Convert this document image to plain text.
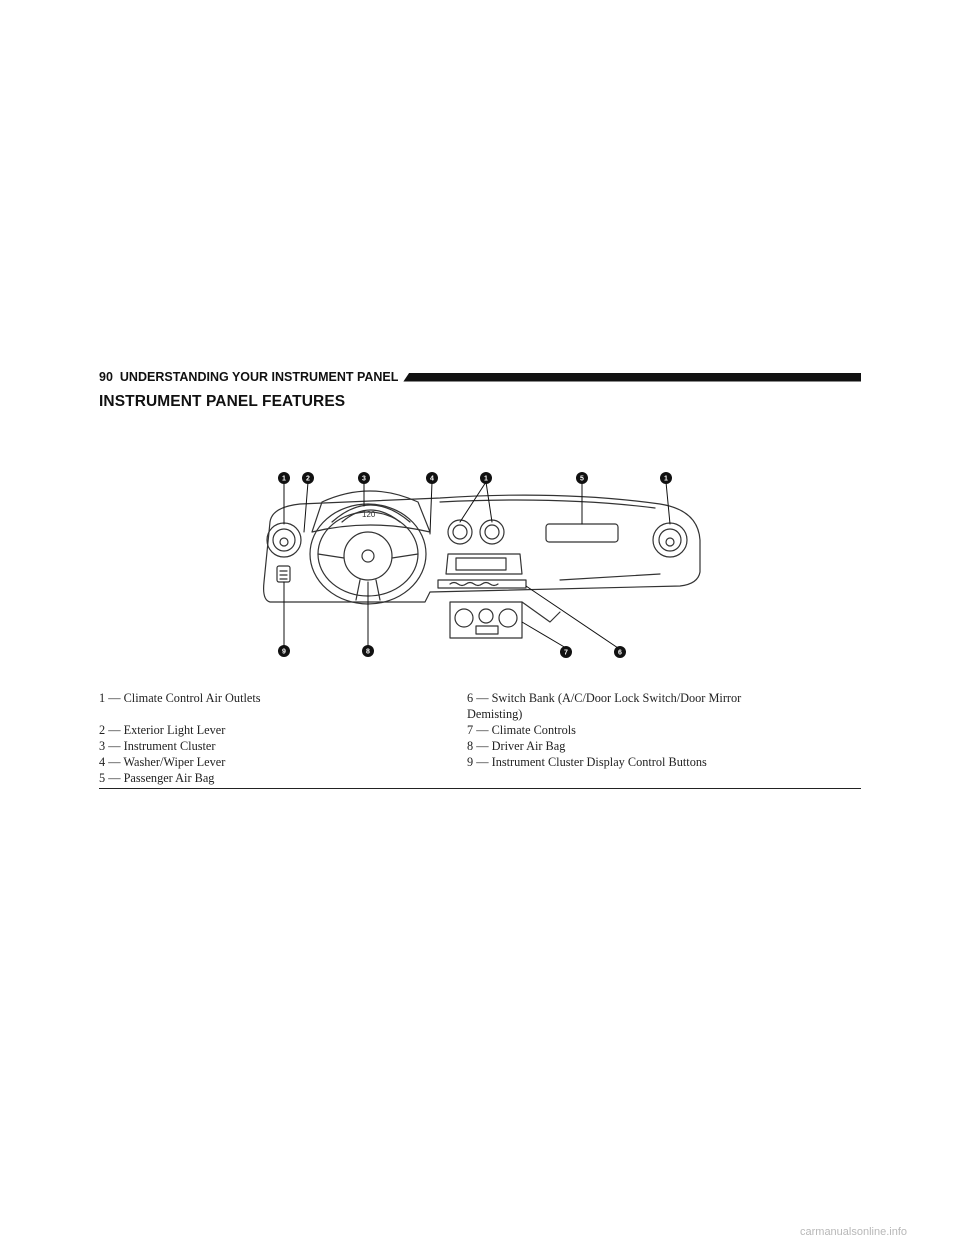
90 UNDERSTANDING YOUR INSTRUMENT PANEL
INSTRUMENT PANEL FEATURES
120
1	2	3	4	1	5	1
9	8	7	6
1 — Climate Control Air Outlets
2 — Exterior Light Lever
3 — Instrument Cluster
4 — Washer/Wiper Lever
5 — Passenger Air Bag
6 — Switch Bank (A/C/Door Lock Switch/Door Mirror
Demisting)
7 — Climate Controls
8 — Driver Air Bag
9 — Instrument Cluster Display Control Buttons
carmanualsonline.info
